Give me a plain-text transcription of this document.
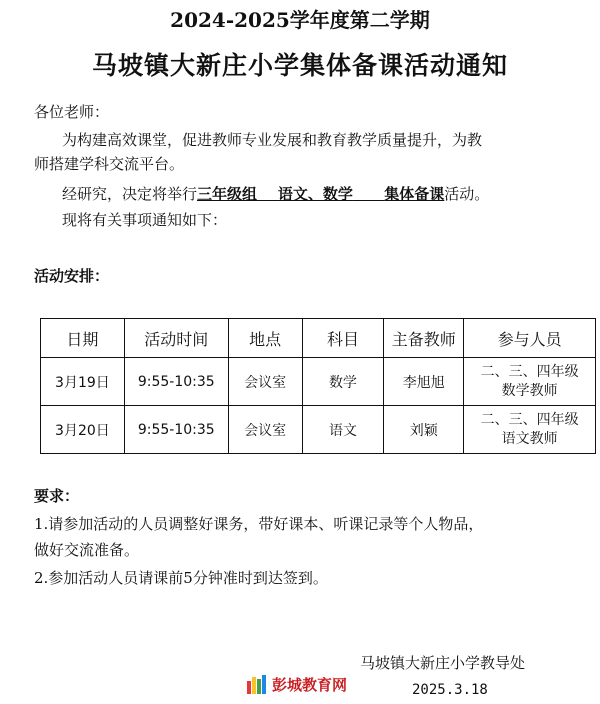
2024-2025学年度第二学期
马坡镇大新庄小学集体备课活动通知
各位老师：
为构建高效课堂，促进教师专业发展和教育教学质量提升，为教
师搭建学科交流平台。
经研究，决定将举行三年级组 语文、数学 集体备课活动。
现将有关事项通知如下：
活动安排：
日期	活动时间	地点	科目	主备教师	参与人员
3月19日	9:55-10:35	会议室	数学	李旭旭	二、三、四年级
数学教师

3月20日	9:55-10:35	会议室	语文	刘颖	二、三、四年级
语文教师
要求：
1.请参加活动的人员调整好课务，带好课本、听课记录等个人物品，
做好交流准备。
2.参加活动人员请课前5分钟准时到达签到。
马坡镇大新庄小学教导处
彭城教育网	2025.3.18
